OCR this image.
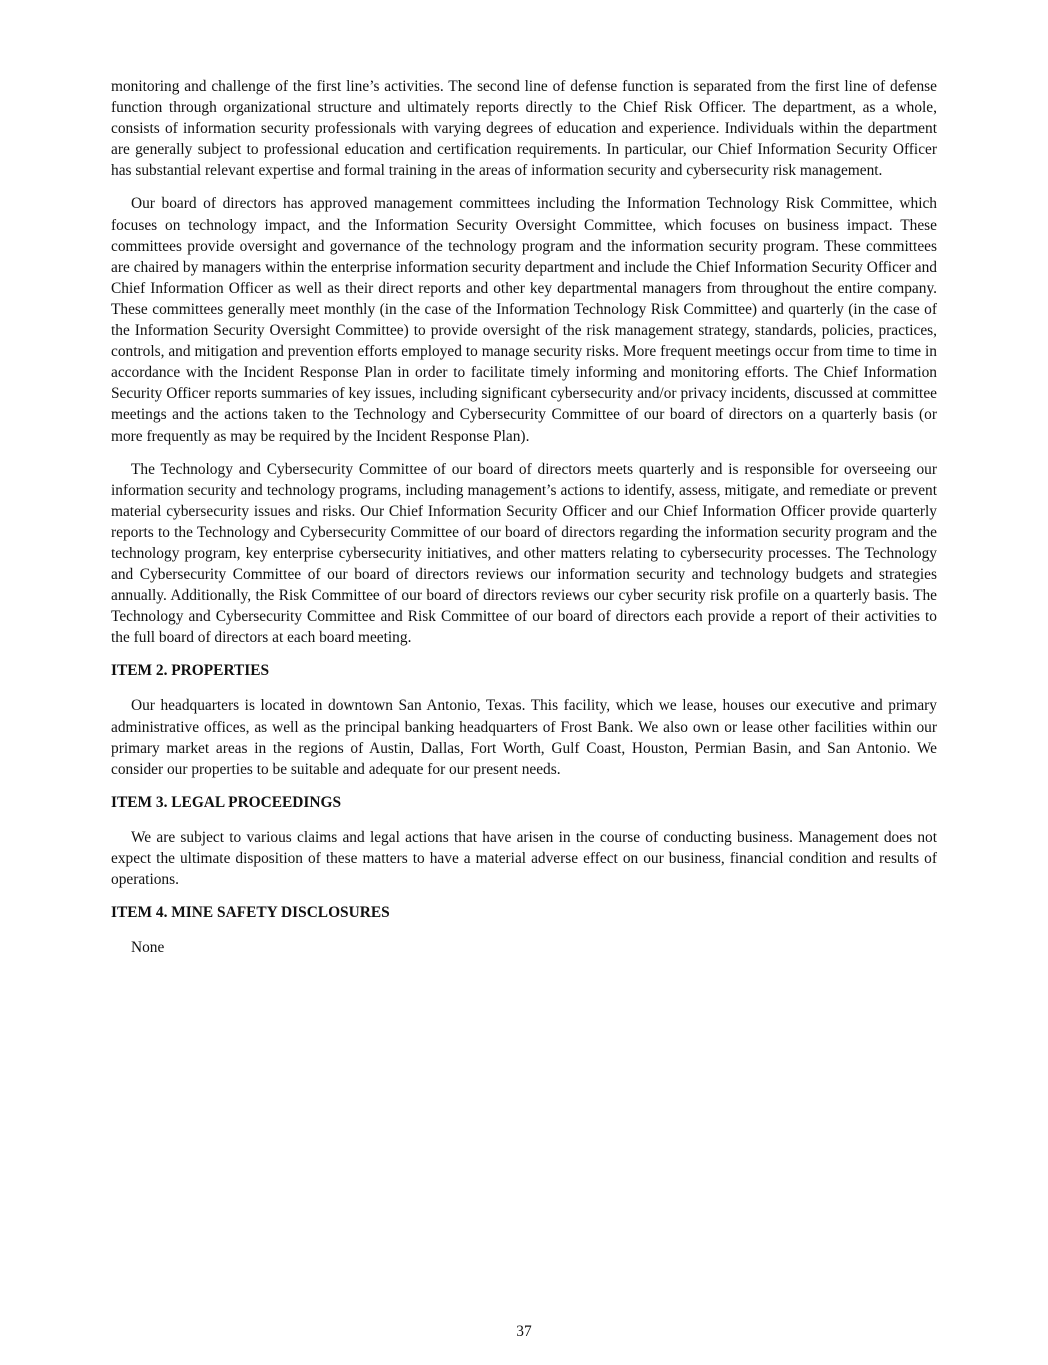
monitoring and challenge of the first line’s activities. The second line of defense function is separated from the first line of defense function through organizational structure and ultimately reports directly to the Chief Risk Officer. The department, as a whole, consists of information security professionals with varying degrees of education and experience. Individuals within the department are generally subject to professional education and certification requirements. In particular, our Chief Information Security Officer has substantial relevant expertise and formal training in the areas of information security and cybersecurity risk management.

Our board of directors has approved management committees including the Information Technology Risk Committee, which focuses on technology impact, and the Information Security Oversight Committee, which focuses on business impact. These committees provide oversight and governance of the technology program and the information security program. These committees are chaired by managers within the enterprise information security department and include the Chief Information Security Officer and Chief Information Officer as well as their direct reports and other key departmental managers from throughout the entire company. These committees generally meet monthly (in the case of the Information Technology Risk Committee) and quarterly (in the case of the Information Security Oversight Committee) to provide oversight of the risk management strategy, standards, policies, practices, controls, and mitigation and prevention efforts employed to manage security risks. More frequent meetings occur from time to time in accordance with the Incident Response Plan in order to facilitate timely informing and monitoring efforts. The Chief Information Security Officer reports summaries of key issues, including significant cybersecurity and/or privacy incidents, discussed at committee meetings and the actions taken to the Technology and Cybersecurity Committee of our board of directors on a quarterly basis (or more frequently as may be required by the Incident Response Plan).

The Technology and Cybersecurity Committee of our board of directors meets quarterly and is responsible for overseeing our information security and technology programs, including management’s actions to identify, assess, mitigate, and remediate or prevent material cybersecurity issues and risks. Our Chief Information Security Officer and our Chief Information Officer provide quarterly reports to the Technology and Cybersecurity Committee of our board of directors regarding the information security program and the technology program, key enterprise cybersecurity initiatives, and other matters relating to cybersecurity processes. The Technology and Cybersecurity Committee of our board of directors reviews our information security and technology budgets and strategies annually. Additionally, the Risk Committee of our board of directors reviews our cyber security risk profile on a quarterly basis. The Technology and Cybersecurity Committee and Risk Committee of our board of directors each provide a report of their activities to the full board of directors at each board meeting.

ITEM 2. PROPERTIES

Our headquarters is located in downtown San Antonio, Texas. This facility, which we lease, houses our executive and primary administrative offices, as well as the principal banking headquarters of Frost Bank. We also own or lease other facilities within our primary market areas in the regions of Austin, Dallas, Fort Worth, Gulf Coast, Houston, Permian Basin, and San Antonio. We consider our properties to be suitable and adequate for our present needs.

ITEM 3. LEGAL PROCEEDINGS

We are subject to various claims and legal actions that have arisen in the course of conducting business. Management does not expect the ultimate disposition of these matters to have a material adverse effect on our business, financial condition and results of operations.

ITEM 4. MINE SAFETY DISCLOSURES

None

37
